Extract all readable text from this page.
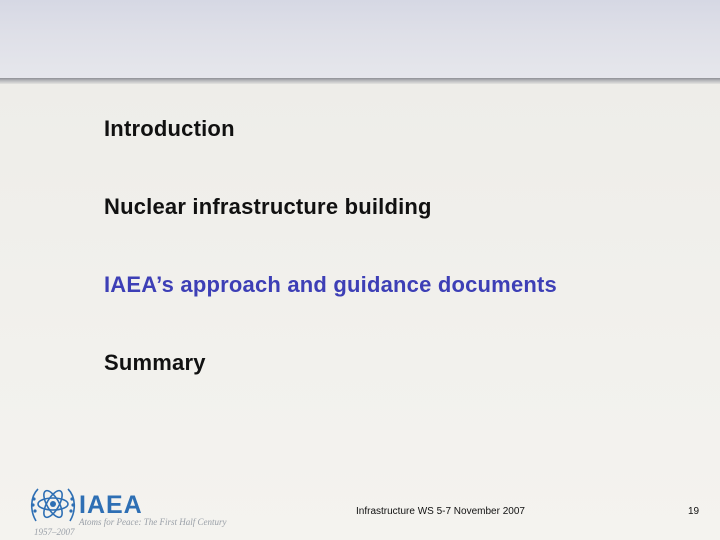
Introduction
Nuclear infrastructure building
IAEA’s approach and guidance documents
Summary
IAEA
Atoms for Peace: The First Half Century
1957–2007
Infrastructure WS 5-7 November 2007	19
